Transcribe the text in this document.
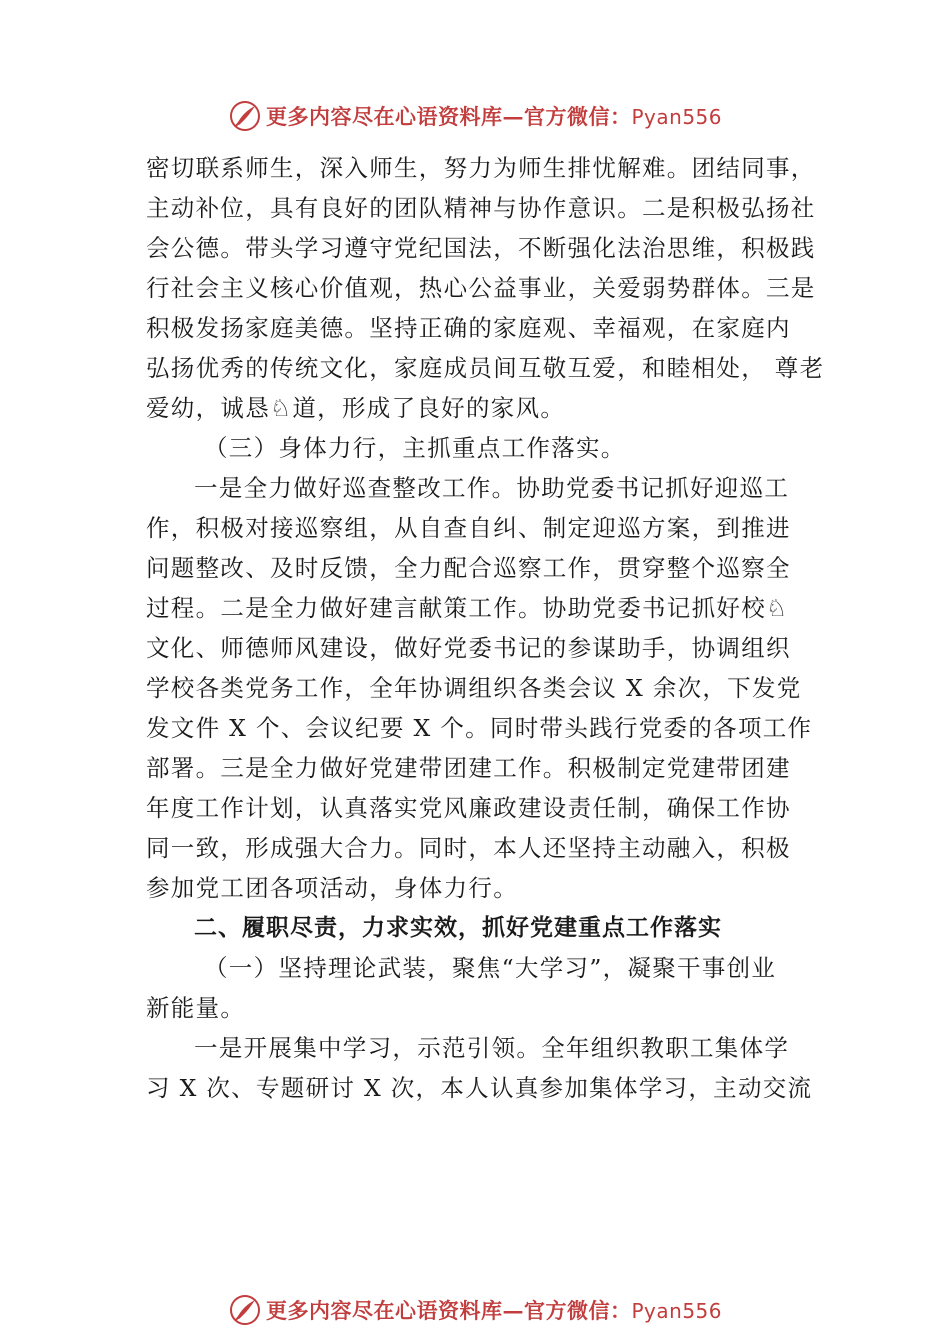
更多内容尽在心语资料库—官方微信：Pyan556
密切联系师生，深入师生，努力为师生排忧解难。团结同事，
主动补位，具有良好的团队精神与协作意识。二是积极弘扬社
会公德。带头学习遵守党纪国法，不断强化法治思维，积极践
行社会主义核心价值观，热心公益事业，关爱弱势群体。三是
积极发扬家庭美德。坚持正确的家庭观、幸福观，在家庭内
弘扬优秀的传统文化，家庭成员间互敬互爱，和睦相处， 尊老
爱幼，诚恳♘道，形成了良好的家风。
（三）身体力行，主抓重点工作落实。
一是全力做好巡查整改工作。协助党委书记抓好迎巡工
作，积极对接巡察组，从自查自纠、制定迎巡方案，到推进
问题整改、及时反馈，全力配合巡察工作，贯穿整个巡察全
过程。二是全力做好建言献策工作。协助党委书记抓好校♘
文化、师德师风建设，做好党委书记的参谋助手，协调组织
学校各类党务工作，全年协调组织各类会议 X 余次，下发党
发文件 X 个、会议纪要 X 个。同时带头践行党委的各项工作
部署。三是全力做好党建带团建工作。积极制定党建带团建
年度工作计划，认真落实党风廉政建设责任制，确保工作协
同一致，形成强大合力。同时，本人还坚持主动融入，积极
参加党工团各项活动，身体力行。
二、履职尽责，力求实效，抓好党建重点工作落实
（一）坚持理论武装，聚焦“大学习”，凝聚干事创业
新能量。
一是开展集中学习，示范引领。全年组织教职工集体学
习 X 次、专题研讨 X 次，本人认真参加集体学习，主动交流
更多内容尽在心语资料库—官方微信：Pyan556
